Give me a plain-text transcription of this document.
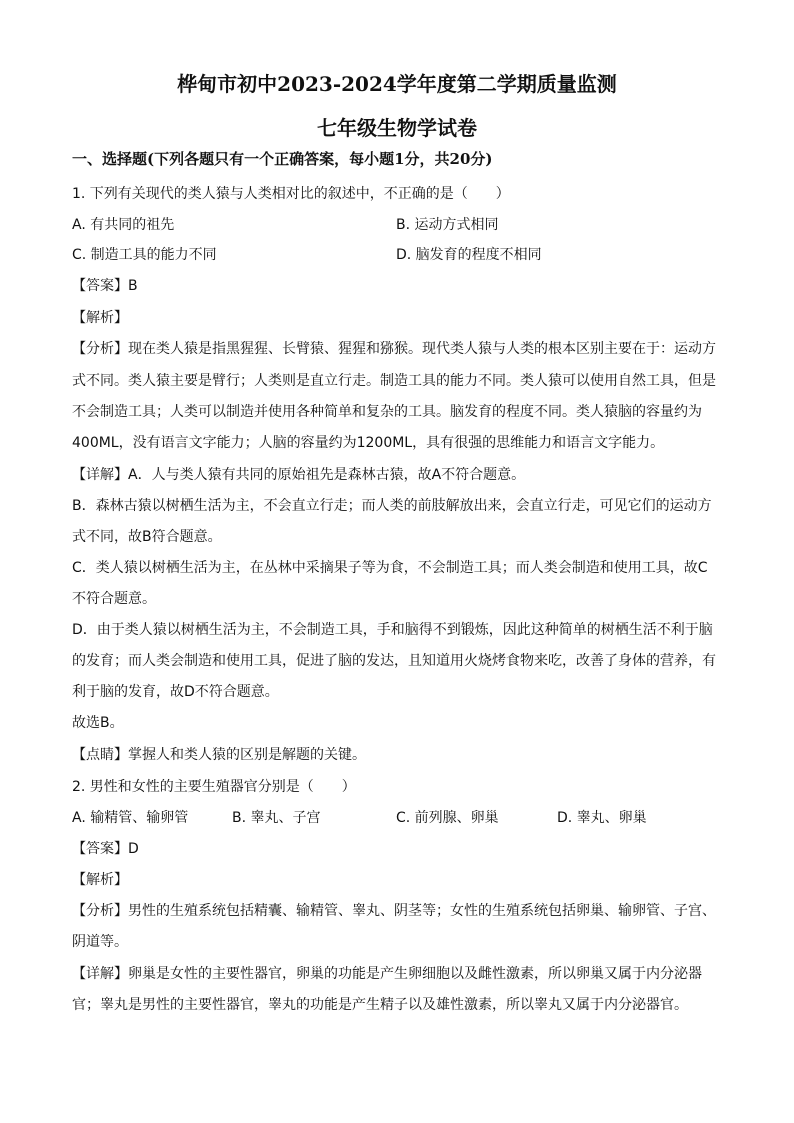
桦甸市初中2023-2024学年度第二学期质量监测
七年级生物学试卷
一、选择题(下列各题只有一个正确答案，每小题1分，共20分)
1. 下列有关现代的类人猿与人类相对比的叙述中，不正确的是（　　）
A. 有共同的祖先	B. 运动方式相同
C. 制造工具的能力不同	D. 脑发育的程度不相同
【答案】B
【解析】
【分析】现在类人猿是指黑猩猩、长臂猿、猩猩和猕猴。现代类人猿与人类的根本区别主要在于：运动方
式不同。类人猿主要是臂行；人类则是直立行走。制造工具的能力不同。类人猿可以使用自然工具，但是
不会制造工具；人类可以制造并使用各种简单和复杂的工具。脑发育的程度不同。类人猿脑的容量约为
400ML，没有语言文字能力；人脑的容量约为1200ML，具有很强的思维能力和语言文字能力。
【详解】A．人与类人猿有共同的原始祖先是森林古猿，故A不符合题意。
B．森林古猿以树栖生活为主，不会直立行走；而人类的前肢解放出来，会直立行走，可见它们的运动方
式不同，故B符合题意。
C．类人猿以树栖生活为主，在丛林中采摘果子等为食，不会制造工具；而人类会制造和使用工具，故C
不符合题意。
D．由于类人猿以树栖生活为主，不会制造工具，手和脑得不到锻炼，因此这种简单的树栖生活不利于脑
的发育；而人类会制造和使用工具，促进了脑的发达，且知道用火烧烤食物来吃，改善了身体的营养，有
利于脑的发育，故D不符合题意。
故选B。
【点睛】掌握人和类人猿的区别是解题的关键。
2. 男性和女性的主要生殖器官分别是（　　）
A. 输精管、输卵管	B. 睾丸、子宫	C. 前列腺、卵巢	D. 睾丸、卵巢
【答案】D
【解析】
【分析】男性的生殖系统包括精囊、输精管、睾丸、阴茎等；女性的生殖系统包括卵巢、输卵管、子宫、
阴道等。
【详解】卵巢是女性的主要性器官，卵巢的功能是产生卵细胞以及雌性激素，所以卵巢又属于内分泌器
官；睾丸是男性的主要性器官，睾丸的功能是产生精子以及雄性激素，所以睾丸又属于内分泌器官。
